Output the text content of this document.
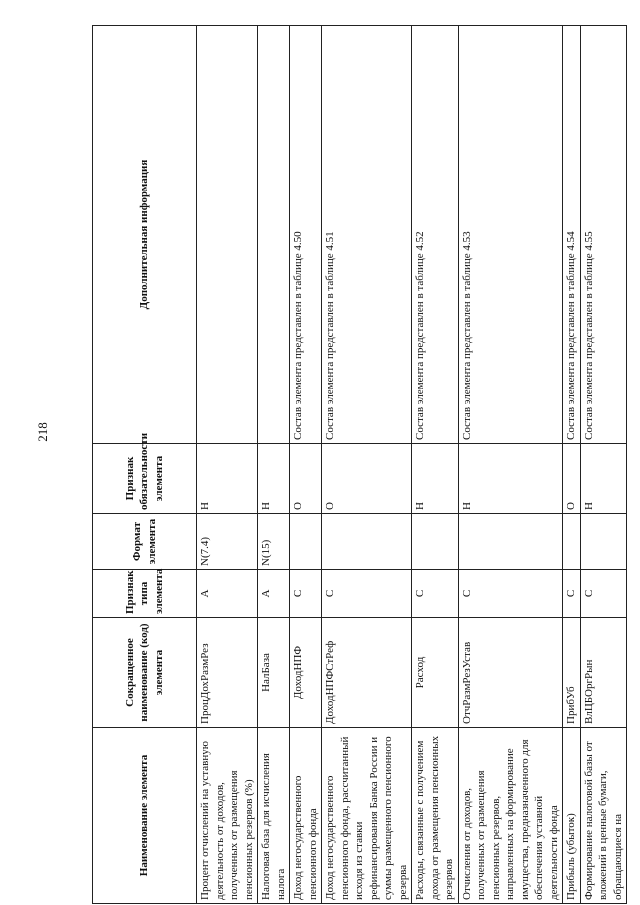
218
Наименование элемента	Сокращенное наименование (код) элемента	Признак типа элемента	Формат элемента	Признак обязательности элемента	Дополнительная информация
Процент отчислений на уставную деятельность от доходов, полученных от размещения пенсионных резервов (%)	ПроцДохРазмРез	А	N(7.4)	Н	
Налоговая база для исчисления налога	НалБаза	А	N(15)	Н	
Доход негосударственного пенсионного фонда	ДоходНПФ	С		О	Состав элемента представлен в таблице 4.50
Доход негосударственного пенсионного фонда, рассчитанный исходя из ставки рефинансирования Банка России и суммы размещенного пенсионного резерва	ДоходНПФСтРеф	С		О	Состав элемента представлен в таблице 4.51
Расходы, связанные с получением дохода от размещения пенсионных резервов	Расход	С		Н	Состав элемента представлен в таблице 4.52
Отчисления от доходов, полученных от размещения пенсионных резервов, направленных на формирование имущества, предназначенного для обеспечения уставной деятельности фонда	ОтчРазмРезУстав	С		Н	Состав элемента представлен в таблице 4.53
Прибыль (убыток)	ПрибУб	С		О	Состав элемента представлен в таблице 4.54
Формирование налоговой базы от вложений в ценные бумаги, обращающиеся на	ВлЦБОргРын	С		Н	Состав элемента представлен в таблице 4.55
